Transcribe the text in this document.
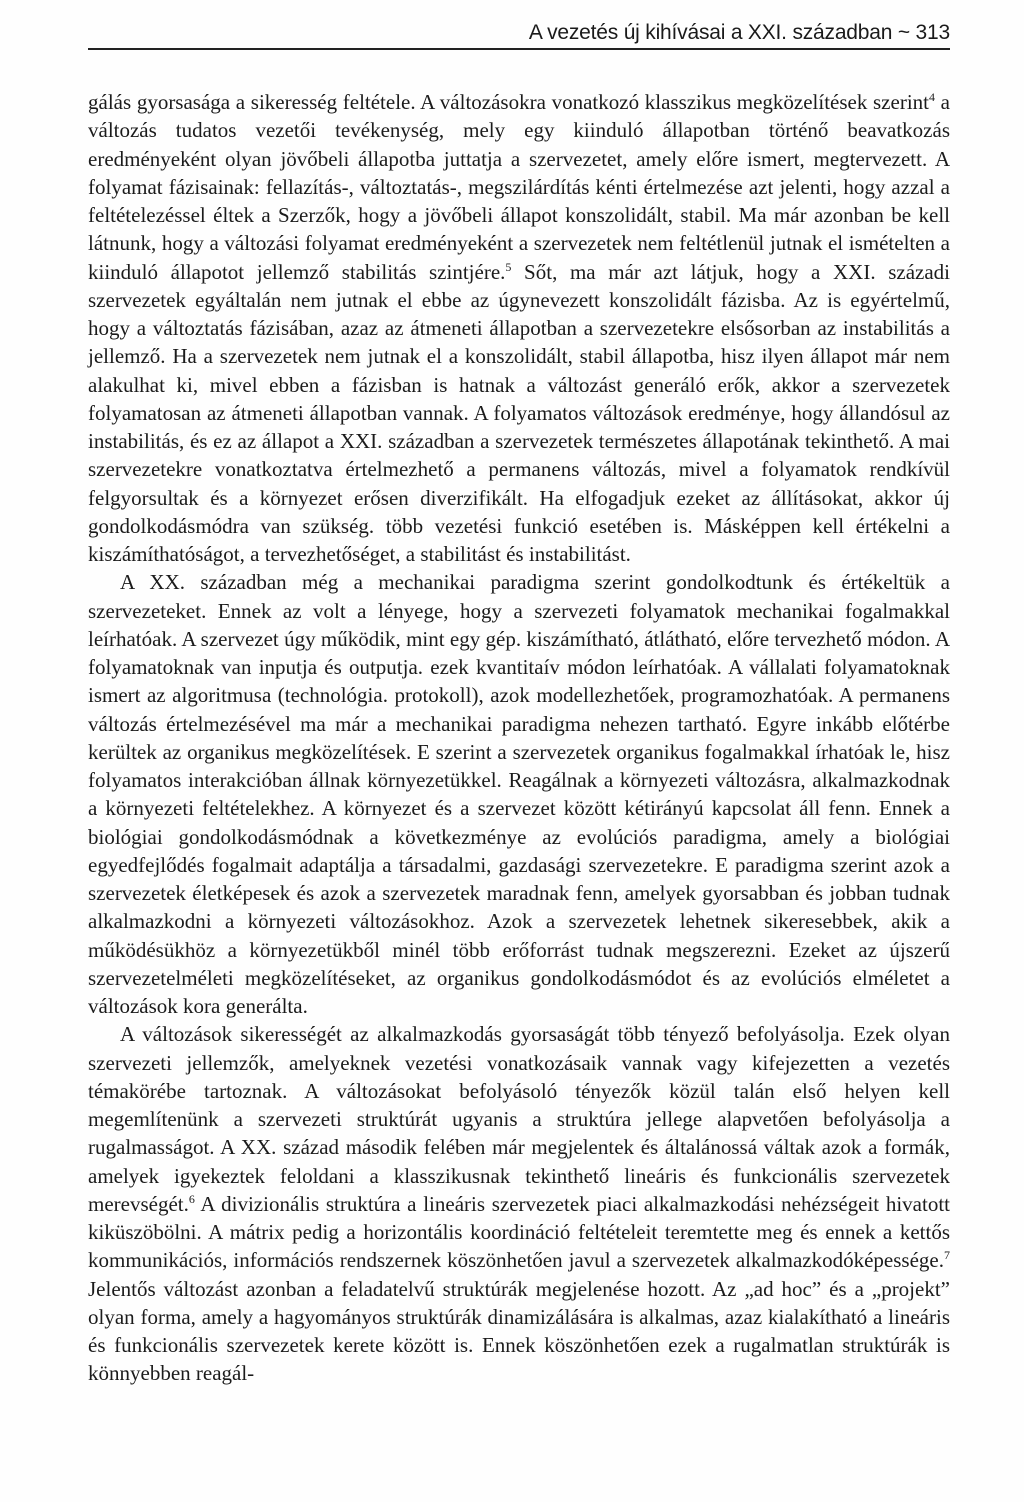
A vezetés új kihívásai a XXI. században ~ 313

gálás gyorsasága a sikeresség feltétele. A változásokra vonatkozó klasszikus megközelítések szerint$^4$ a változás tudatos vezetői tevékenység, mely egy kiinduló állapotban történő beavatkozás eredményeként olyan jövőbeli állapotba juttatja a szervezetet, amely előre ismert, megtervezett. A folyamat fázisainak: fellazítás-, változtatás-, megszilárdítás kénti értelmezése azt jelenti, hogy azzal a feltételezéssel éltek a Szerzők, hogy a jövőbeli állapot konszolidált, stabil. Ma már azonban be kell látnunk, hogy a változási folyamat eredményeként a szervezetek nem feltétlenül jutnak el ismételten a kiinduló állapotot jellemző stabilitás szintjére.$^5$ Sőt, ma már azt látjuk, hogy a XXI. századi szervezetek egyáltalán nem jutnak el ebbe az úgynevezett konszolidált fázisba. Az is egyértelmű, hogy a változtatás fázisában, azaz az átmeneti állapotban a szervezetekre elsősorban az instabilitás a jellemző. Ha a szervezetek nem jutnak el a konszolidált, stabil állapotba, hisz ilyen állapot már nem alakulhat ki, mivel ebben a fázisban is hatnak a változást generáló erők, akkor a szervezetek folyamatosan az átmeneti állapotban vannak. A folyamatos változások eredménye, hogy állandósul az instabilitás, és ez az állapot a XXI. században a szervezetek természetes állapotának tekinthető. A mai szervezetekre vonatkoztatva értelmezhető a permanens változás, mivel a folyamatok rendkívül felgyorsultak és a környezet erősen diverzifikált. Ha elfogadjuk ezeket az állításokat, akkor új gondolkodásmódra van szükség. több vezetési funkció esetében is. Másképpen kell értékelni a kiszámíthatóságot, a tervezhetőséget, a stabilitást és instabilitást.

A XX. században még a mechanikai paradigma szerint gondolkodtunk és értékeltük a szervezeteket. Ennek az volt a lényege, hogy a szervezeti folyamatok mechanikai fogalmakkal leírhatóak. A szervezet úgy működik, mint egy gép. kiszámítható, átlátható, előre tervezhető módon. A folyamatoknak van inputja és outputja. ezek kvantitaív módon leírhatóak. A vállalati folyamatoknak ismert az algoritmusa (technológia. protokoll), azok modellezhetőek, programozhatóak. A permanens változás értelmezésével ma már a mechanikai paradigma nehezen tartható. Egyre inkább előtérbe kerültek az organikus megközelítések. E szerint a szervezetek organikus fogalmakkal írhatóak le, hisz folyamatos interakcióban állnak környezetükkel. Reagálnak a környezeti változásra, alkalmazkodnak a környezeti feltételekhez. A környezet és a szervezet között kétirányú kapcsolat áll fenn. Ennek a biológiai gondolkodásmódnak a következménye az evolúciós paradigma, amely a biológiai egyedfejlődés fogalmait adaptálja a társadalmi, gazdasági szervezetekre. E paradigma szerint azok a szervezetek életképesek és azok a szervezetek maradnak fenn, amelyek gyorsabban és jobban tudnak alkalmazkodni a környezeti változásokhoz. Azok a szervezetek lehetnek sikeresebbek, akik a működésükhöz a környezetükből minél több erőforrást tudnak megszerezni. Ezeket az újszerű szervezetelméleti megközelítéseket, az organikus gondolkodásmódot és az evolúciós elméletet a változások kora generálta.

A változások sikerességét az alkalmazkodás gyorsaságát több tényező befolyásolja. Ezek olyan szervezeti jellemzők, amelyeknek vezetési vonatkozásaik vannak vagy kifejezetten a vezetés témakörébe tartoznak. A változásokat befolyásoló tényezők közül talán első helyen kell megemlítenünk a szervezeti struktúrát ugyanis a struktúra jellege alapvetően befolyásolja a rugalmasságot. A XX. század második felében már megjelentek és általánossá váltak azok a formák, amelyek igyekeztek feloldani a klasszikusnak tekinthető lineáris és funkcionális szervezetek merevségét.$^6$ A divizionális struktúra a lineáris szervezetek piaci alkalmazkodási nehézségeit hivatott kiküszöbölni. A mátrix pedig a horizontális koordináció feltételeit teremtette meg és ennek a kettős kommunikációs, információs rendszernek köszönhetően javul a szervezetek alkalmazkodóképessége.$^7$ Jelentős változást azonban a feladatelvű struktúrák megjelenése hozott. Az „ad hoc” és a „projekt” olyan forma, amely a hagyományos struktúrák dinamizálására is alkalmas, azaz kialakítható a lineáris és funkcionális szervezetek kerete között is. Ennek köszönhetően ezek a rugalmatlan struktúrák is könnyebben reagál-
